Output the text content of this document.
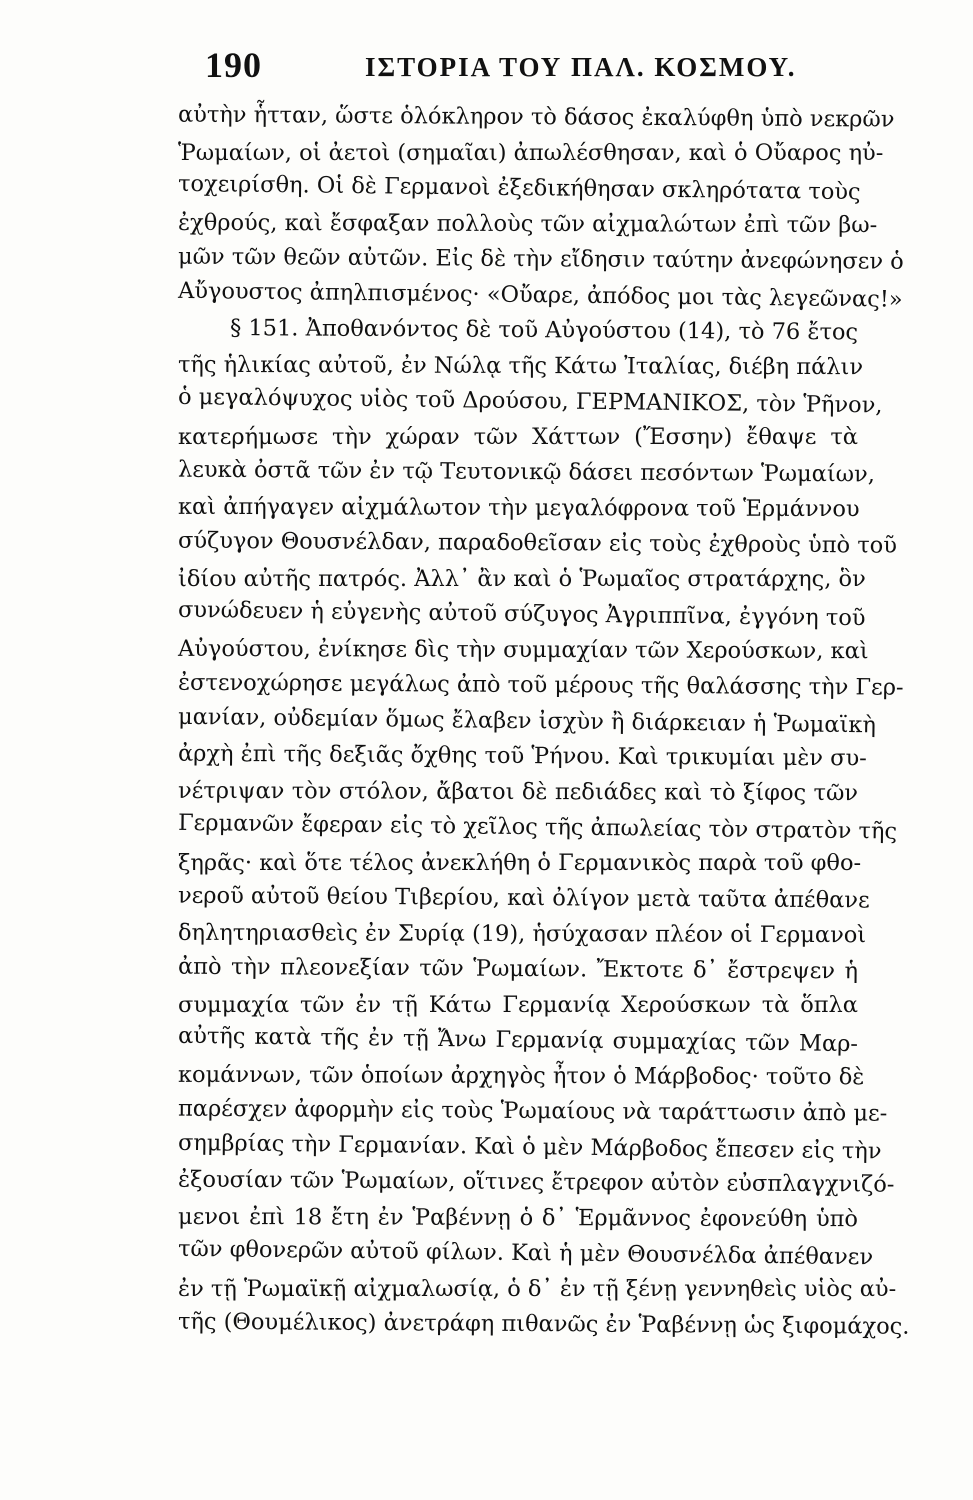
190	ΙΣΤΟΡΙΑ ΤΟΥ ΠΑΛ. ΚΟΣΜΟΥ.
αὐτὴν ἧτταν, ὥστε ὁλόκληρον τὸ δάσος ἐκαλύφθη ὑπὸ νεκρῶν
Ῥωμαίων, οἱ ἀετοὶ (σημαῖαι) ἀπωλέσθησαν, καὶ ὁ Οὔαρος ηὐ-
τοχειρίσθη. Οἱ δὲ Γερμανοὶ ἐξεδικήθησαν σκληρότατα τοὺς
ἐχθρούς, καὶ ἔσφαξαν πολλοὺς τῶν αἰχμαλώτων ἐπὶ τῶν βω-
μῶν τῶν θεῶν αὐτῶν. Εἰς δὲ τὴν εἴδησιν ταύτην ἀνεφώνησεν ὁ
Αὔγουστος ἀπηλπισμένος· «Οὔαρε, ἀπόδος μοι τὰς λεγεῶνας!»
§ 151. Ἀποθανόντος δὲ τοῦ Αὐγούστου (14), τὸ 76 ἔτος
τῆς ἡλικίας αὐτοῦ, ἐν Νώλᾳ τῆς Κάτω Ἰταλίας, διέβη πάλιν
ὁ μεγαλόψυχος υἱὸς τοῦ Δρούσου, ΓΕΡΜΑΝΙΚΟΣ, τὸν Ῥῆνον,
κατερήμωσε τὴν χώραν τῶν Χάττων (Ἔσσην) ἔθαψε τὰ
λευκὰ ὀστᾶ τῶν ἐν τῷ Τευτονικῷ δάσει πεσόντων Ῥωμαίων,
καὶ ἀπήγαγεν αἰχμάλωτον τὴν μεγαλόφρονα τοῦ Ἑρμάννου
σύζυγον Θουσνέλδαν, παραδοθεῖσαν εἰς τοὺς ἐχθροὺς ὑπὸ τοῦ
ἰδίου αὐτῆς πατρός. Ἀλλ᾽ ἂν καὶ ὁ Ῥωμαῖος στρατάρχης, ὃν
συνώδευεν ἡ εὐγενὴς αὐτοῦ σύζυγος Ἀγριππῖνα, ἐγγόνη τοῦ
Αὐγούστου, ἐνίκησε δὶς τὴν συμμαχίαν τῶν Χερούσκων, καὶ
ἐστενοχώρησε μεγάλως ἀπὸ τοῦ μέρους τῆς θαλάσσης τὴν Γερ-
μανίαν, οὐδεμίαν ὅμως ἔλαβεν ἰσχὺν ἢ διάρκειαν ἡ Ῥωμαϊκὴ
ἀρχὴ ἐπὶ τῆς δεξιᾶς ὄχθης τοῦ Ῥήνου. Καὶ τρικυμίαι μὲν συ-
νέτριψαν τὸν στόλον, ἄβατοι δὲ πεδιάδες καὶ τὸ ξίφος τῶν
Γερμανῶν ἔφεραν εἰς τὸ χεῖλος τῆς ἀπωλείας τὸν στρατὸν τῆς
ξηρᾶς· καὶ ὅτε τέλος ἀνεκλήθη ὁ Γερμανικὸς παρὰ τοῦ φθο-
νεροῦ αὐτοῦ θείου Τιβερίου, καὶ ὀλίγον μετὰ ταῦτα ἀπέθανε
δηλητηριασθεὶς ἐν Συρίᾳ (19), ἡσύχασαν πλέον οἱ Γερμανοὶ
ἀπὸ τὴν πλεονεξίαν τῶν Ῥωμαίων. Ἔκτοτε δ᾽ ἔστρεψεν ἡ
συμμαχία τῶν ἐν τῇ Κάτω Γερμανίᾳ Χερούσκων τὰ ὅπλα
αὐτῆς κατὰ τῆς ἐν τῇ Ἄνω Γερμανίᾳ συμμαχίας τῶν Μαρ-
κομάννων, τῶν ὁποίων ἀρχηγὸς ἦτον ὁ Μάρβοδος· τοῦτο δὲ
παρέσχεν ἀφορμὴν εἰς τοὺς Ῥωμαίους νὰ ταράττωσιν ἀπὸ με-
σημβρίας τὴν Γερμανίαν. Καὶ ὁ μὲν Μάρβοδος ἔπεσεν εἰς τὴν
ἐξουσίαν τῶν Ῥωμαίων, οἵτινες ἔτρεφον αὐτὸν εὐσπλαγχνιζό-
μενοι ἐπὶ 18 ἔτη ἐν Ῥαβέννῃ ὁ δ᾽ Ἑρμᾶννος ἐφονεύθη ὑπὸ
τῶν φθονερῶν αὐτοῦ φίλων. Καὶ ἡ μὲν Θουσνέλδα ἀπέθανεν
ἐν τῇ Ῥωμαϊκῇ αἰχμαλωσίᾳ, ὁ δ᾽ ἐν τῇ ξένῃ γεννηθεὶς υἱὸς αὐ-
τῆς (Θουμέλικος) ἀνετράφη πιθανῶς ἐν Ῥαβέννῃ ὡς ξιφομάχος.
